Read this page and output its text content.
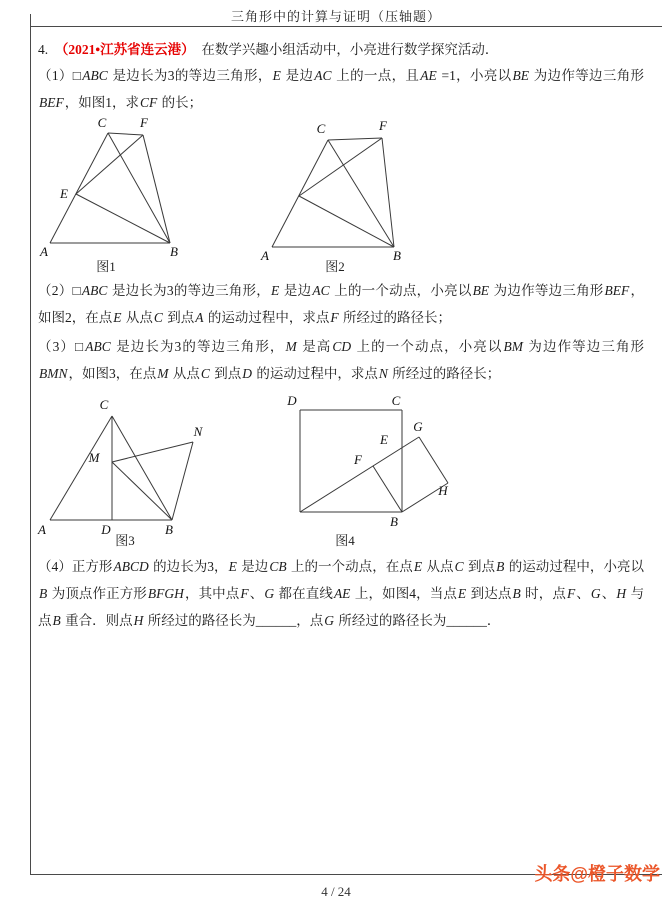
三角形中的计算与证明（压轴题）
4.　（2021•江苏省连云港）　在数学兴趣小组活动中，小亮进行数学探究活动．
（1）□ABC 是边长为3的等边三角形，E 是边AC 上的一点，且AE =1，小亮以BE 为边作等边三角形BEF，如图1，求CF 的长；
C	F
E
A	B
图1
C	F
A	B
图2
（2）□ABC 是边长为3的等边三角形，E 是边AC 上的一个动点，小亮以BE 为边作等边三角形BEF，如图2，在点E 从点C 到点A 的运动过程中，求点F 所经过的路径长；
（3）□ABC 是边长为3的等边三角形，M 是高CD 上的一个动点，小亮以BM 为边作等边三角形BMN，如图3，在点M 从点C 到点D 的运动过程中，求点N 所经过的路径长；
C
N
M
A	D	B
图3
D	C
E
G
F
H
B
图4
（4）正方形ABCD 的边长为3，E 是边CB 上的一个动点，在点E 从点C 到点B 的运动过程中，小亮以B 为顶点作正方形BFGH，其中点F、G 都在直线AE 上，如图4，当点E 到达点B 时，点F、G、H 与点B 重合．则点H 所经过的路径长为______，点G 所经过的路径长为______．
4 / 24
头条@橙子数学
